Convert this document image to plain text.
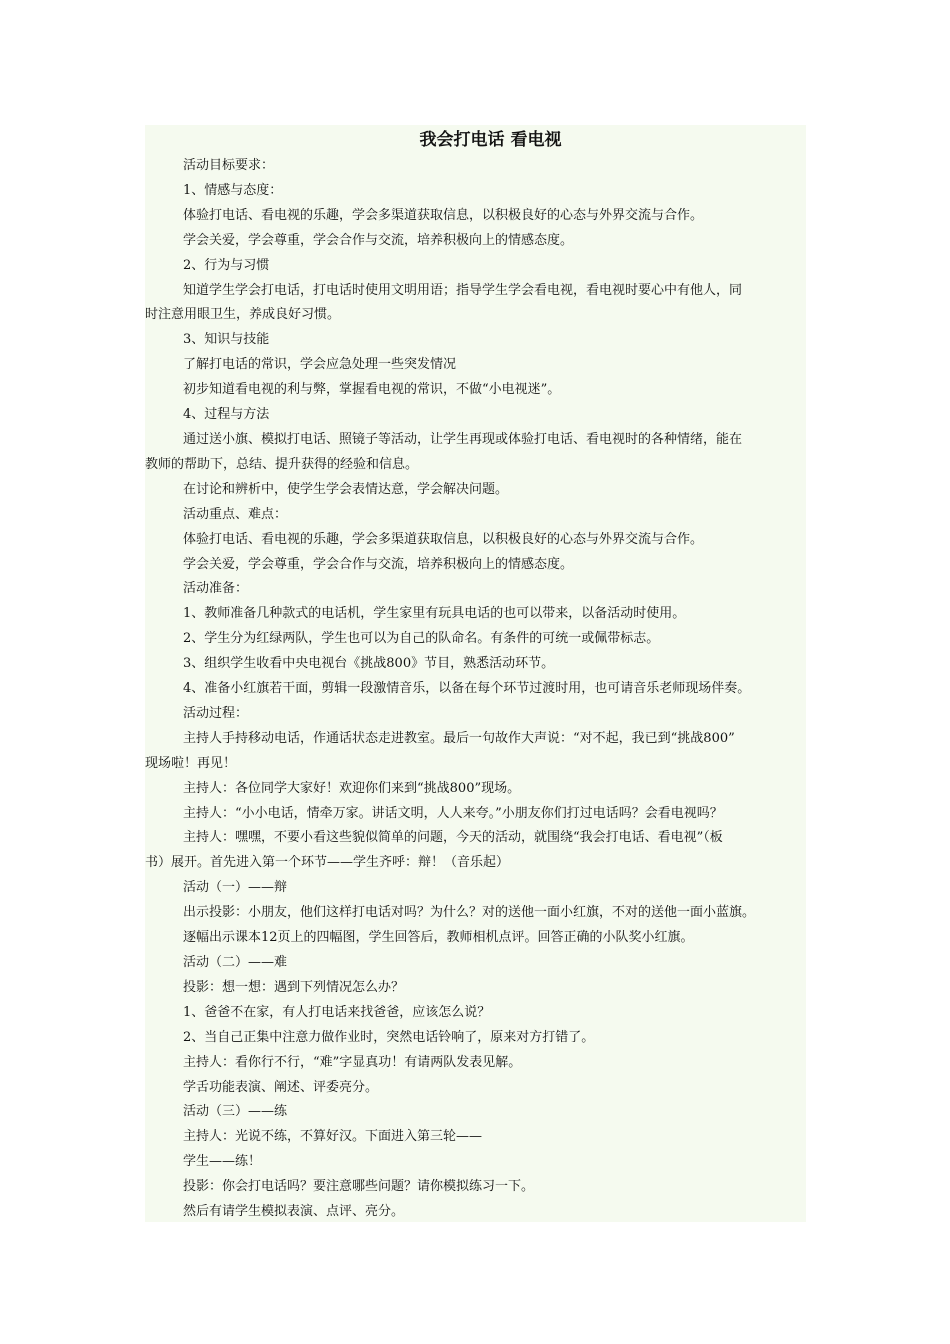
我会打电话 看电视

活动目标要求：

1、情感与态度：

体验打电话、看电视的乐趣，学会多渠道获取信息，以积极良好的心态与外界交流与合作。

学会关爱，学会尊重，学会合作与交流，培养积极向上的情感态度。

2、行为与习惯

知道学生学会打电话，打电话时使用文明用语；指导学生学会看电视，看电视时要心中有他人，同

时注意用眼卫生，养成良好习惯。

3、知识与技能

了解打电话的常识，学会应急处理一些突发情况

初步知道看电视的利与弊，掌握看电视的常识，不做“小电视迷”。

4、过程与方法

通过送小旗、模拟打电话、照镜子等活动，让学生再现或体验打电话、看电视时的各种情绪，能在

教师的帮助下，总结、提升获得的经验和信息。

在讨论和辨析中，使学生学会表情达意，学会解决问题。

活动重点、难点：

体验打电话、看电视的乐趣，学会多渠道获取信息，以积极良好的心态与外界交流与合作。

学会关爱，学会尊重，学会合作与交流，培养积极向上的情感态度。

活动准备：

1、教师准备几种款式的电话机，学生家里有玩具电话的也可以带来，以备活动时使用。

2、学生分为红绿两队，学生也可以为自己的队命名。有条件的可统一或佩带标志。

3、组织学生收看中央电视台《挑战800》节目，熟悉活动环节。

4、准备小红旗若干面，剪辑一段激情音乐，以备在每个环节过渡时用，也可请音乐老师现场伴奏。

活动过程：

主持人手持移动电话，作通话状态走进教室。最后一句故作大声说：“对不起，我已到“挑战800”

现场啦！再见！

主持人：各位同学大家好！欢迎你们来到“挑战800”现场。

主持人：“小小电话，情牵万家。讲话文明，人人来夸。”小朋友你们打过电话吗？会看电视吗？

主持人：嘿嘿，不要小看这些貌似简单的问题，今天的活动，就围绕“我会打电话、看电视”（板

书）展开。首先进入第一个环节——学生齐呼：辩！（音乐起）

活动（一）——辩

出示投影：小朋友，他们这样打电话对吗？为什么？对的送他一面小红旗，不对的送他一面小蓝旗。

逐幅出示课本12页上的四幅图，学生回答后，教师相机点评。回答正确的小队奖小红旗。

活动（二）——难

投影：想一想：遇到下列情况怎么办？

1、爸爸不在家，有人打电话来找爸爸，应该怎么说？

2、当自己正集中注意力做作业时，突然电话铃响了，原来对方打错了。

主持人：看你行不行，“难”字显真功！有请两队发表见解。

学舌功能表演、阐述、评委亮分。

活动（三）——练

主持人：光说不练，不算好汉。下面进入第三轮——

学生——练！

投影：你会打电话吗？要注意哪些问题？请你模拟练习一下。

然后有请学生模拟表演、点评、亮分。
